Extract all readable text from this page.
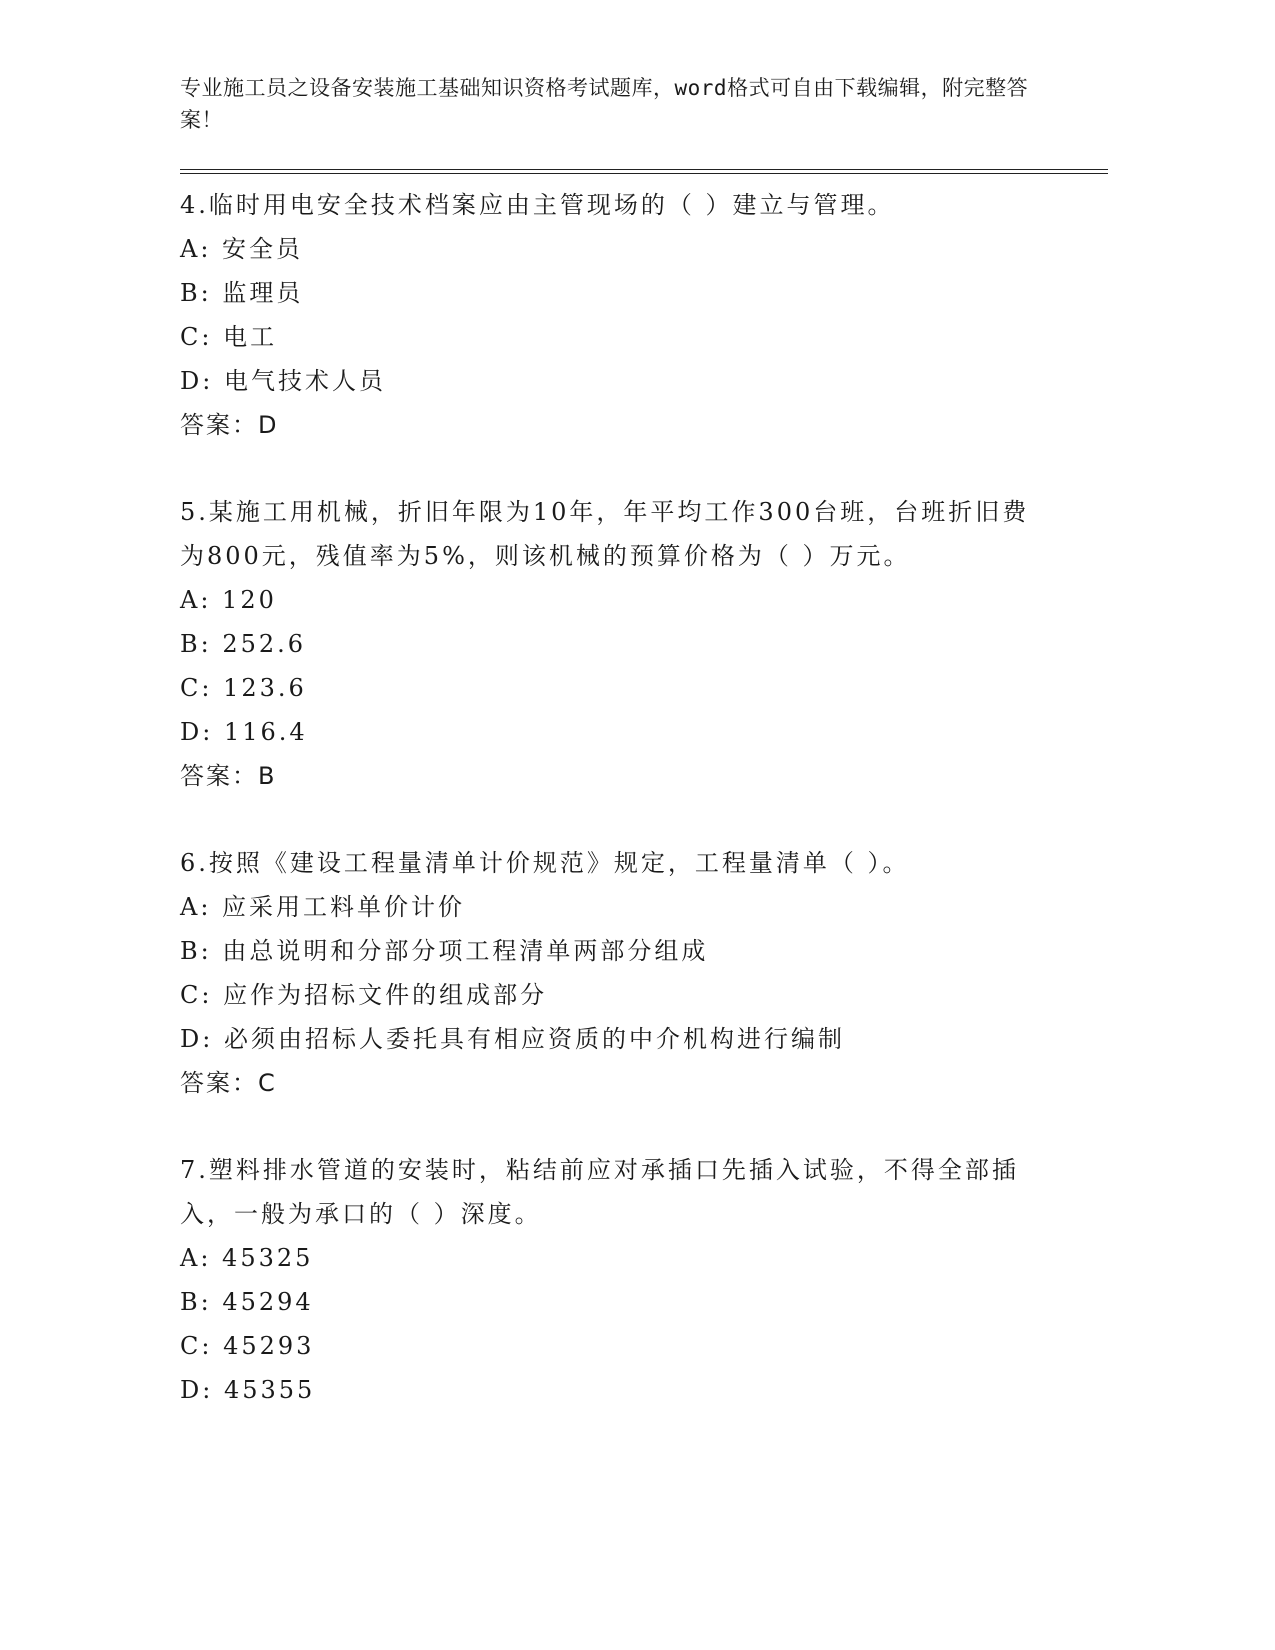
专业施工员之设备安装施工基础知识资格考试题库，word格式可自由下载编辑，附完整答案！

4.临时用电安全技术档案应由主管现场的（ ）建立与管理。

A: 安全员

B: 监理员

C: 电工

D: 电气技术人员

答案：D

5.某施工用机械，折旧年限为10年，年平均工作300台班，台班折旧费为800元，残值率为5%，则该机械的预算价格为（ ）万元。

A: 120

B: 252.6

C: 123.6

D: 116.4

答案：B

6.按照《建设工程量清单计价规范》规定，工程量清单（ ）。

A: 应采用工料单价计价

B: 由总说明和分部分项工程清单两部分组成

C: 应作为招标文件的组成部分

D: 必须由招标人委托具有相应资质的中介机构进行编制

答案：C

7.塑料排水管道的安装时，粘结前应对承插口先插入试验，不得全部插入，一般为承口的（ ）深度。

A: 45325

B: 45294

C: 45293

D: 45355
